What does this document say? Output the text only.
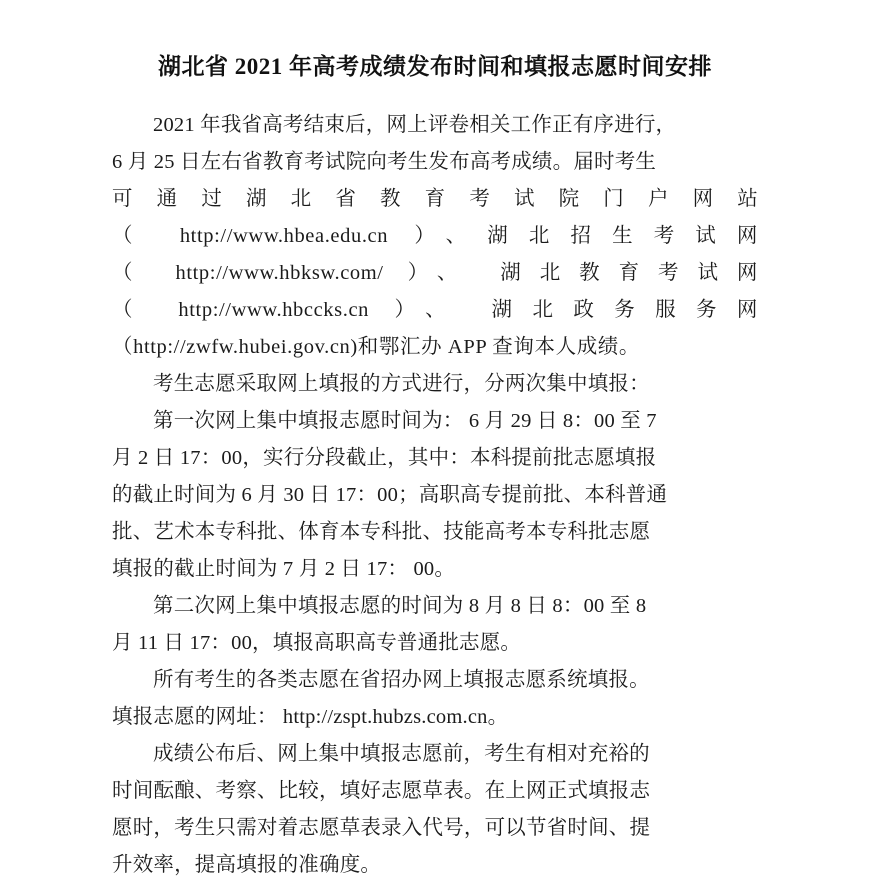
湖北省 2021 年高考成绩发布时间和填报志愿时间安排

2021 年我省高考结束后，网上评卷相关工作正有序进行，

6 月 25 日左右省教育考试院向考生发布高考成绩。届时考生

可通过湖北省教育考试院门户网站

（ http://www.hbea.edu.cn ）、湖北招生考试网

（ http://www.hbksw.com/ ）、 湖北教育考试网

（ http://www.hbccks.cn ）、 湖北政务服务网

（http://zwfw.hubei.gov.cn)和鄂汇办 APP 查询本人成绩。

考生志愿采取网上填报的方式进行，分两次集中填报：

第一次网上集中填报志愿时间为： 6 月 29 日 8：00 至 7

月 2 日 17：00，实行分段截止，其中：本科提前批志愿填报

的截止时间为 6 月 30 日 17：00；高职高专提前批、本科普通

批、艺术本专科批、体育本专科批、技能高考本专科批志愿

填报的截止时间为 7 月 2 日 17： 00。

第二次网上集中填报志愿的时间为 8 月 8 日 8：00 至 8

月 11 日 17：00，填报高职高专普通批志愿。

所有考生的各类志愿在省招办网上填报志愿系统填报。

填报志愿的网址： http://zspt.hubzs.com.cn。

成绩公布后、网上集中填报志愿前，考生有相对充裕的

时间酝酿、考察、比较，填好志愿草表。在上网正式填报志

愿时，考生只需对着志愿草表录入代号，可以节省时间、提

升效率，提高填报的准确度。
